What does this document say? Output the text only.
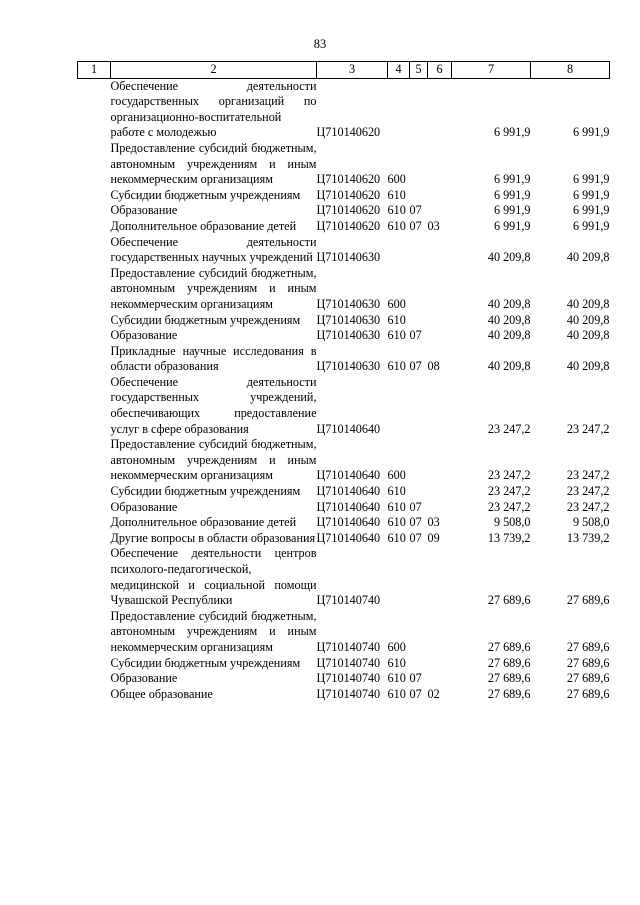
83
1	2	3	4	5	6	7	8
	Обеспечение деятельности государственных организаций по организационно-воспитательной работе с молодежью	Ц710140620				6 991,9	6 991,9
	Предоставление субсидий бюджетным, автономным учреждениям и иным некоммерческим организациям	Ц710140620	600			6 991,9	6 991,9
	Субсидии бюджетным учреждениям	Ц710140620	610			6 991,9	6 991,9
	Образование	Ц710140620	610	07		6 991,9	6 991,9
	Дополнительное образование детей	Ц710140620	610	07	03	6 991,9	6 991,9
	Обеспечение деятельности государственных научных учреждений	Ц710140630				40 209,8	40 209,8
	Предоставление субсидий бюджетным, автономным учреждениям и иным некоммерческим организациям	Ц710140630	600			40 209,8	40 209,8
	Субсидии бюджетным учреждениям	Ц710140630	610			40 209,8	40 209,8
	Образование	Ц710140630	610	07		40 209,8	40 209,8
	Прикладные научные исследования в области образования	Ц710140630	610	07	08	40 209,8	40 209,8
	Обеспечение деятельности государственных учреждений, обеспечивающих предоставление услуг в сфере образования	Ц710140640				23 247,2	23 247,2
	Предоставление субсидий бюджетным, автономным учреждениям и иным некоммерческим организациям	Ц710140640	600			23 247,2	23 247,2
	Субсидии бюджетным учреждениям	Ц710140640	610			23 247,2	23 247,2
	Образование	Ц710140640	610	07		23 247,2	23 247,2
	Дополнительное образование детей	Ц710140640	610	07	03	9 508,0	9 508,0
	Другие вопросы в области образования	Ц710140640	610	07	09	13 739,2	13 739,2
	Обеспечение деятельности центров психолого-педагогической, медицинской и социальной помощи Чувашской Республики	Ц710140740				27 689,6	27 689,6
	Предоставление субсидий бюджетным, автономным учреждениям и иным некоммерческим организациям	Ц710140740	600			27 689,6	27 689,6
	Субсидии бюджетным учреждениям	Ц710140740	610			27 689,6	27 689,6
	Образование	Ц710140740	610	07		27 689,6	27 689,6
	Общее образование	Ц710140740	610	07	02	27 689,6	27 689,6
